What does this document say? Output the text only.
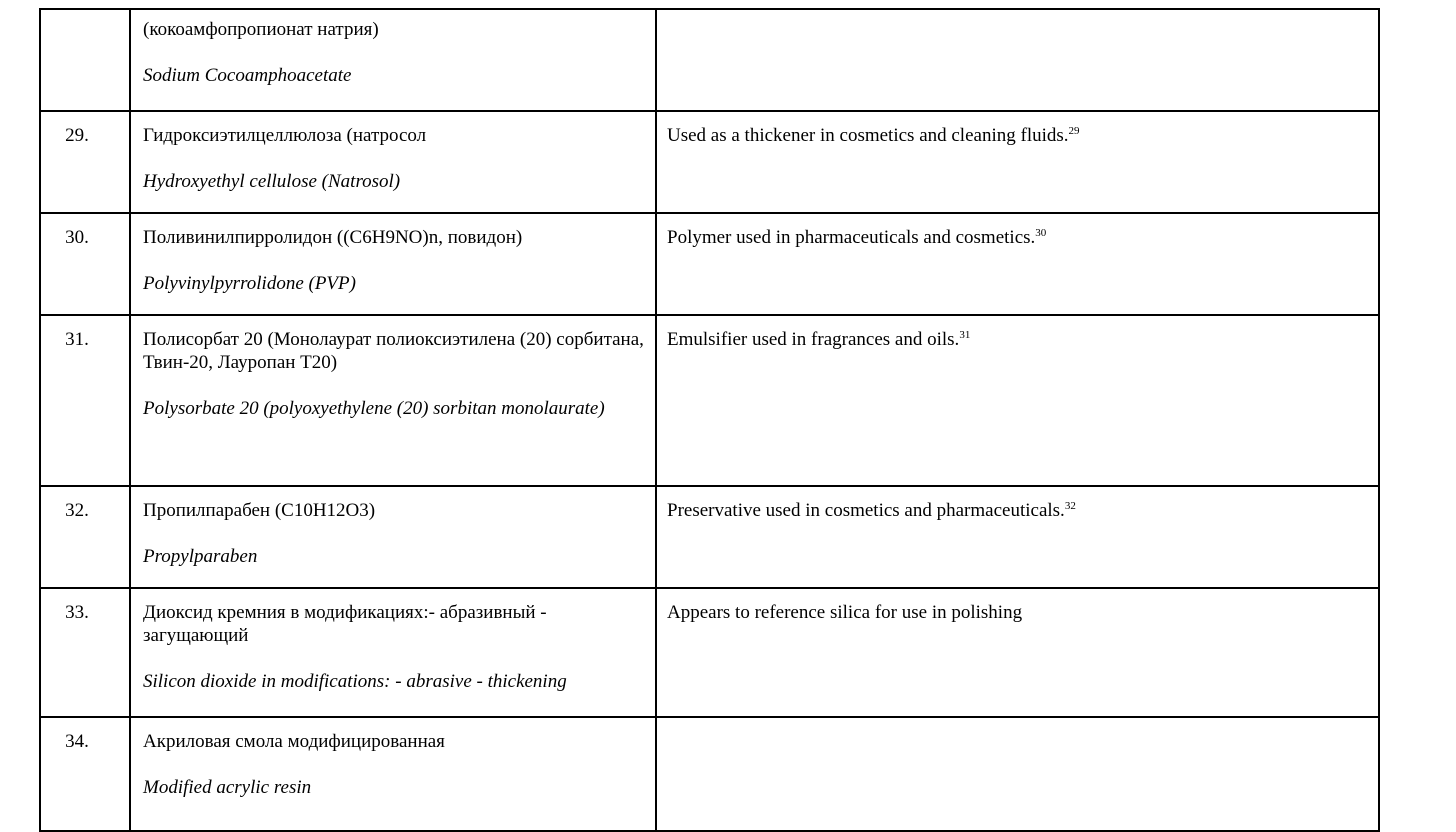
	(кокоамфопропионат натрия)
Sodium Cocoamphoacetate	

29.	Гидроксиэтилцеллюлоза (натросол
Hydroxyethyl cellulose (Natrosol)	Used as a thickener in cosmetics and cleaning fluids.$^{29}$

30.	Поливинилпирролидон ((C6H9NO)n, повидон)
Polyvinylpyrrolidone (PVP)	Polymer used in pharmaceuticals and cosmetics.$^{30}$

31.	Полисорбат 20 (Монолаурат полиоксиэтилена (20) сорбитана, Твин-20, Лауропан Т20)
Polysorbate 20 (polyoxyethylene (20) sorbitan monolaurate)	Emulsifier used in fragrances and oils.$^{31}$

32.	Пропилпарабен (C10H12O3)
Propylparaben	Preservative used in cosmetics and pharmaceuticals.$^{32}$

33.	Диоксид кремния в модификациях:- абразивный - загущающий
Silicon dioxide in modifications: - abrasive - thickening	Appears to reference silica for use in polishing

34.	Акриловая смола модифицированная
Modified acrylic resin	
